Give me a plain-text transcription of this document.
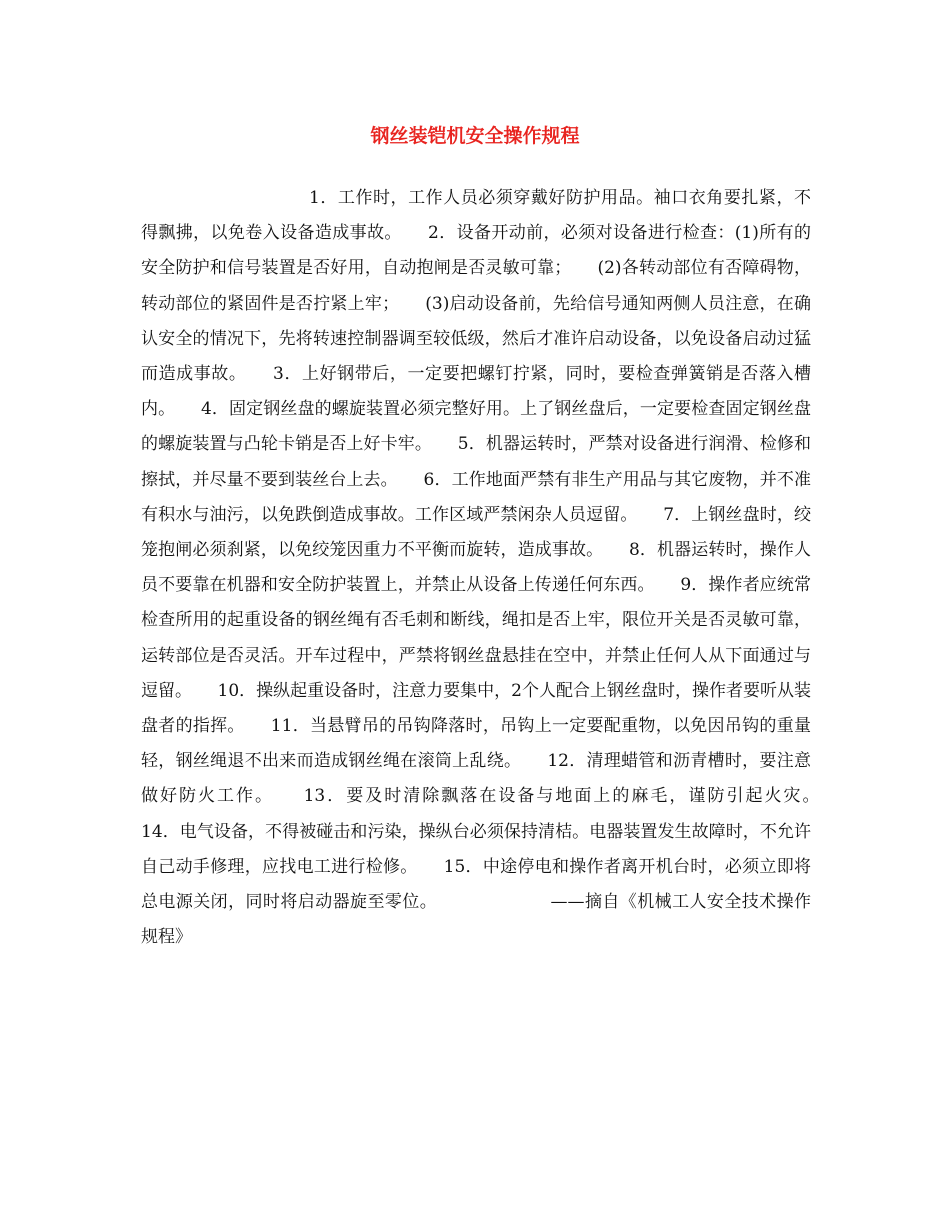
钢丝装铠机安全操作规程

1．工作时，工作人员必须穿戴好防护用品。袖口衣角要扎紧，不得飘拂，以免卷入设备造成事故。　　2．设备开动前，必须对设备进行检查：(1)所有的安全防护和信号装置是否好用，自动抱闸是否灵敏可靠；　　(2)各转动部位有否障碍物，转动部位的紧固件是否拧紧上牢；　　(3)启动设备前，先给信号通知两侧人员注意，在确认安全的情况下，先将转速控制器调至较低级，然后才准许启动设备，以免设备启动过猛而造成事故。　　3．上好钢带后，一定要把螺钉拧紧，同时，要检查弹簧销是否落入槽内。　　4．固定钢丝盘的螺旋装置必须完整好用。上了钢丝盘后，一定要检查固定钢丝盘的螺旋装置与凸轮卡销是否上好卡牢。　　5．机器运转时，严禁对设备进行润滑、检修和擦拭，并尽量不要到装丝台上去。　　6．工作地面严禁有非生产用品与其它废物，并不准有积水与油污，以免跌倒造成事故。工作区域严禁闲杂人员逗留。　　7．上钢丝盘时，绞笼抱闸必须刹紧，以免绞笼因重力不平衡而旋转，造成事故。　　8．机器运转时，操作人员不要靠在机器和安全防护装置上，并禁止从设备上传递任何东西。　　9．操作者应统常检查所用的起重设备的钢丝绳有否毛刺和断线，绳扣是否上牢，限位开关是否灵敏可靠，运转部位是否灵活。开车过程中，严禁将钢丝盘悬挂在空中，并禁止任何人从下面通过与逗留。　　10．操纵起重设备时，注意力要集中，2个人配合上钢丝盘时，操作者要听从装盘者的指挥。　　11．当悬臂吊的吊钩降落时，吊钩上一定要配重物，以免因吊钩的重量轻，钢丝绳退不出来而造成钢丝绳在滚筒上乱绕。　　12．清理蜡管和沥青槽时，要注意做好防火工作。　　13．要及时清除飘落在设备与地面上的麻毛，谨防引起火灾。　　14．电气设备，不得被碰击和污染，操纵台必须保持清桔。电器装置发生故障时，不允许自己动手修理，应找电工进行检修。　　15．中途停电和操作者离开机台时，必须立即将总电源关闭，同时将启动器旋至零位。　　　　　　　——摘自《机械工人安全技术操作规程》
